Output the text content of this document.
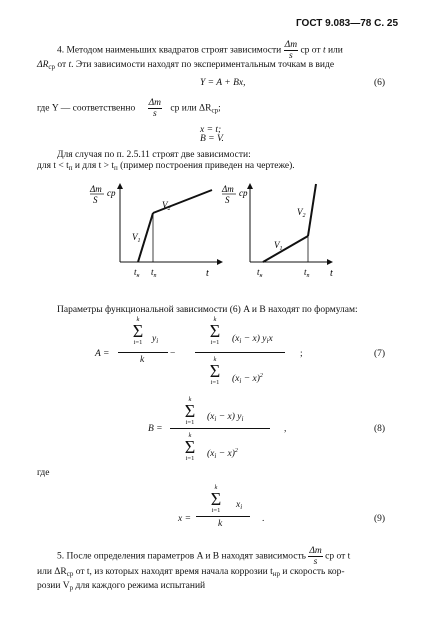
ГОСТ 9.083—78 С. 25
4. Методом наименьших квадратов строят зависимости $\frac{\Delta m}{s}$ ср от t или
$\Delta R_{ср}$ от t. Эти зависимости находят по экспериментальным точкам в виде
Y = A + Bx,	(6)
где Y — соответственно $\frac{\Delta m}{s}$ ср или $\Delta R_{ср}$;
x = t;
B = V.
Для случая по п. 2.5.11 строят две зависимости:
для $t < t_п$ и для $t > t_п$ (пример построения приведен на чертеже).
Δm
S
cp
$V_1$
$V_2$
$t_н$ $t_п$	t
Δm
S
cp
$V_1$
$V_2$
$t_н$	$t_п$ t
Параметры функциональной зависимости (6) A и B находят по формулам:
A =
k
Σ
i=1	$y_i$
k
−
k
Σ
i=1	$(x_i - x)$ $y_ix$
k
Σ
i=1	$(x_i - x)^2$
;	(7)
B =
k
Σ
i=1
$(x_i - x)$ $y_i$
k
Σ
i=1	$(x_i - x)^2$
,	(8)
где
x =
k
Σ
i=1
$x_i$
k	.	(9)
5. После определения параметров A и B находят зависимость $\frac{\Delta m}{s}$ ср от t
или $\Delta R_{ср}$ от t, из которых находят время начала коррозии $t_{нр}$ и скорость кор-
розии $V_р$ для каждого режима испытаний
